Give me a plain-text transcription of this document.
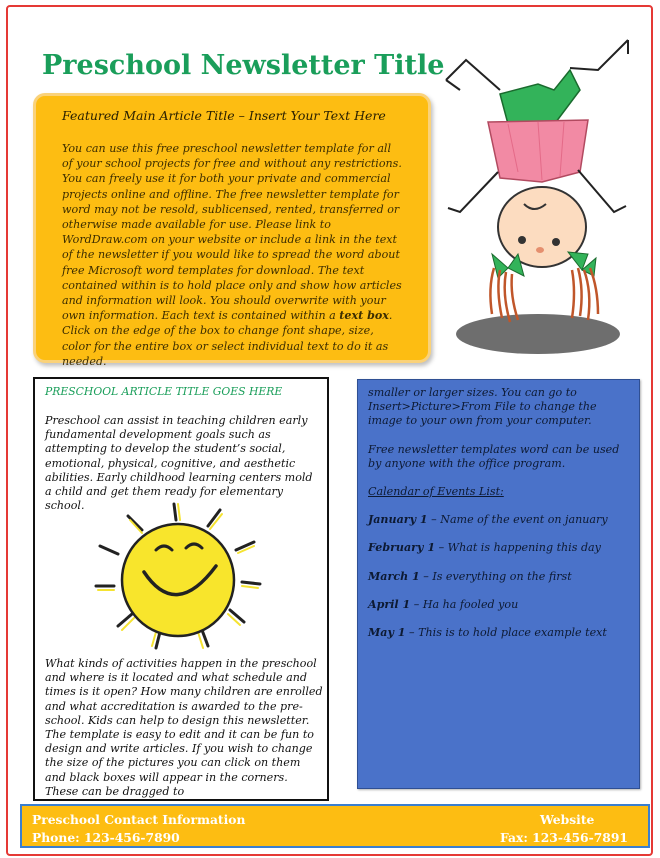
Preschool Newsletter Title
Featured Main Article Title – Insert Your Text Here

You can use this free preschool newsletter template for all of your school projects for free and without any restrictions. You can freely use it for both your private and commercial projects online and offline. The free newsletter template for word may not be resold, sublicensed, rented, transferred or otherwise made available for use. Please link to WordDraw.com on your website or include a link in the text of the newsletter if you would like to spread the word about free Microsoft word templates for download. The text contained within is to hold place only and show how articles and information will look. You should overwrite with your own information. Each text is contained within a text box. Click on the edge of the box to change font shape, size, color for the entire box or select individual text to do it as needed.

PRESCHOOL ARTICLE TITLE GOES HERE

Preschool can assist in teaching children early fundamental development goals such as attempting to develop the student’s social, emotional, physical, cognitive, and aesthetic abilities. Early childhood learning centers mold a child and get them ready for elementary school.

What kinds of activities happen in the preschool and where is it located and what schedule and times is it open? How many children are enrolled and what accreditation is awarded to the pre-school. Kids can help to design this newsletter. The template is easy to edit and it can be fun to design and write articles. If you wish to change the size of the pictures you can click on them and black boxes will appear in the corners. These can be dragged to

smaller or larger sizes. You can go to Insert>Picture>From File to change the image to your own from your computer.

Free newsletter templates word can be used by anyone with the office program.

Calendar of Events List:

January 1 – Name of the event on january

February 1 – What is happening this day

March 1 – Is everything on the first

April 1 – Ha ha fooled you

May 1 – This is to hold place example text

Preschool Contact Information
Phone: 123-456-7890
Website
Fax: 123-456-7891
